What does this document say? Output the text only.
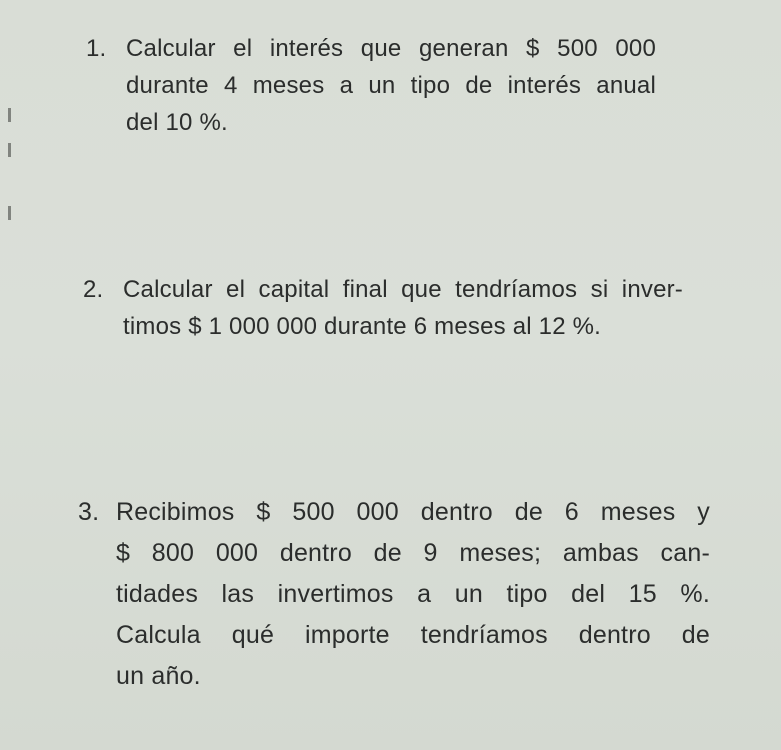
1. Calcular el interés que generan $ 500 000
durante 4 meses a un tipo de interés anual
del 10 %.
2. Calcular el capital final que tendríamos si inver-
timos $ 1 000 000 durante 6 meses al 12 %.
3. Recibimos $ 500 000 dentro de 6 meses y
$ 800 000 dentro de 9 meses; ambas can-
tidades las invertimos a un tipo del 15 %.
Calcula qué importe tendríamos dentro de
un año.
